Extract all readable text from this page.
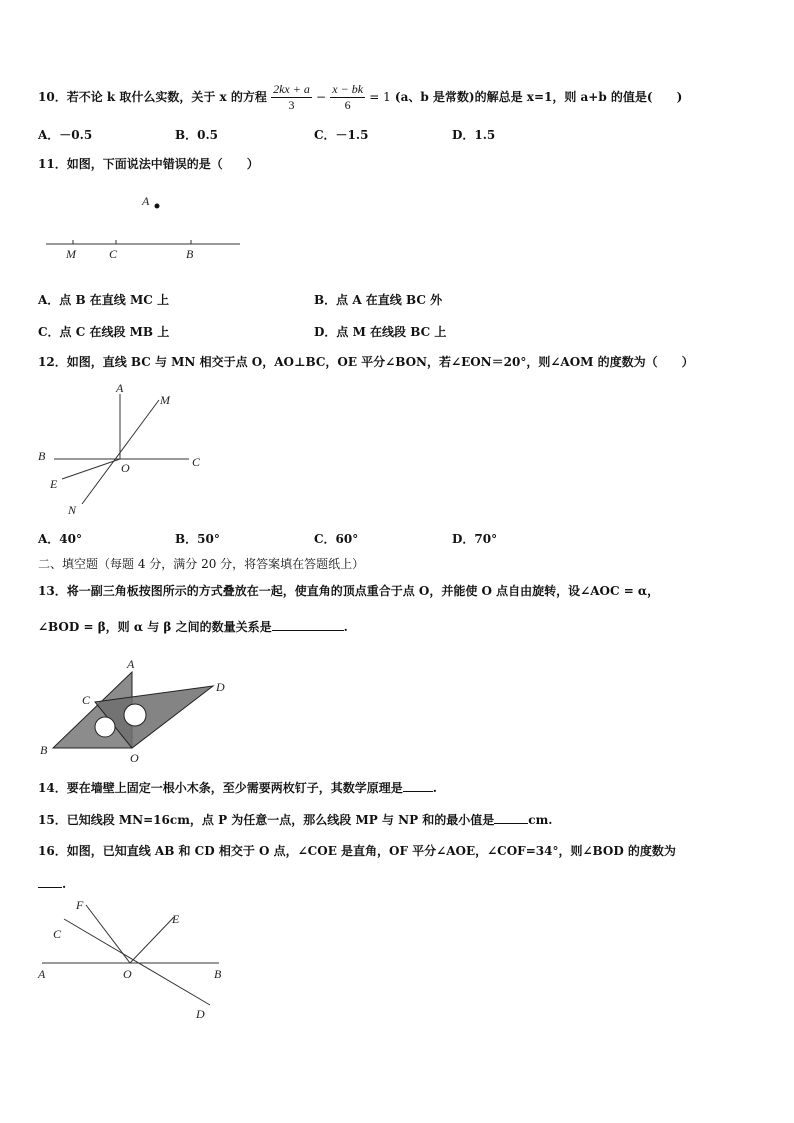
10．若不论 k 取什么实数，关于 x 的方程 $\frac{2kx + a}{3} - \frac{x - bk}{6} = 1$ (a、b 是常数)的解总是 x=1，则 a+b 的值是(　　)
A．－0.5	B．0.5	C．－1.5	D．1.5
11．如图，下面说法中错误的是（　　）
A
M	C	B
A．点 B 在直线 MC 上	B．点 A 在直线 BC 外
C．点 C 在线段 MB 上	D．点 M 在线段 BC 上
12．如图，直线 BC 与 MN 相交于点 O，AO⊥BC，OE 平分∠BON，若∠EON＝20°，则∠AOM 的度数为（　　）
A
M
B
O	C
E
N
A．40°	B．50°	C．60°	D．70°
二、填空题（每题 4 分，满分 20 分，将答案填在答题纸上）
13．将一副三角板按图所示的方式叠放在一起，使直角的顶点重合于点 O，并能使 O 点自由旋转，设∠AOC = α，
∠BOD = β，则 α 与 β 之间的数量关系是	.
A
C
D
B
O
14．要在墙壁上固定一根小木条，至少需要两枚钉子，其数学原理是	.
15．已知线段 MN=16cm，点 P 为任意一点，那么线段 MP 与 NP 和的最小值是	cm.
16．如图，已知直线 AB 和 CD 相交于 O 点，∠COE 是直角，OF 平分∠AOE，∠COF=34°，则∠BOD 的度数为
.
F
E
C
A	O	B
D
